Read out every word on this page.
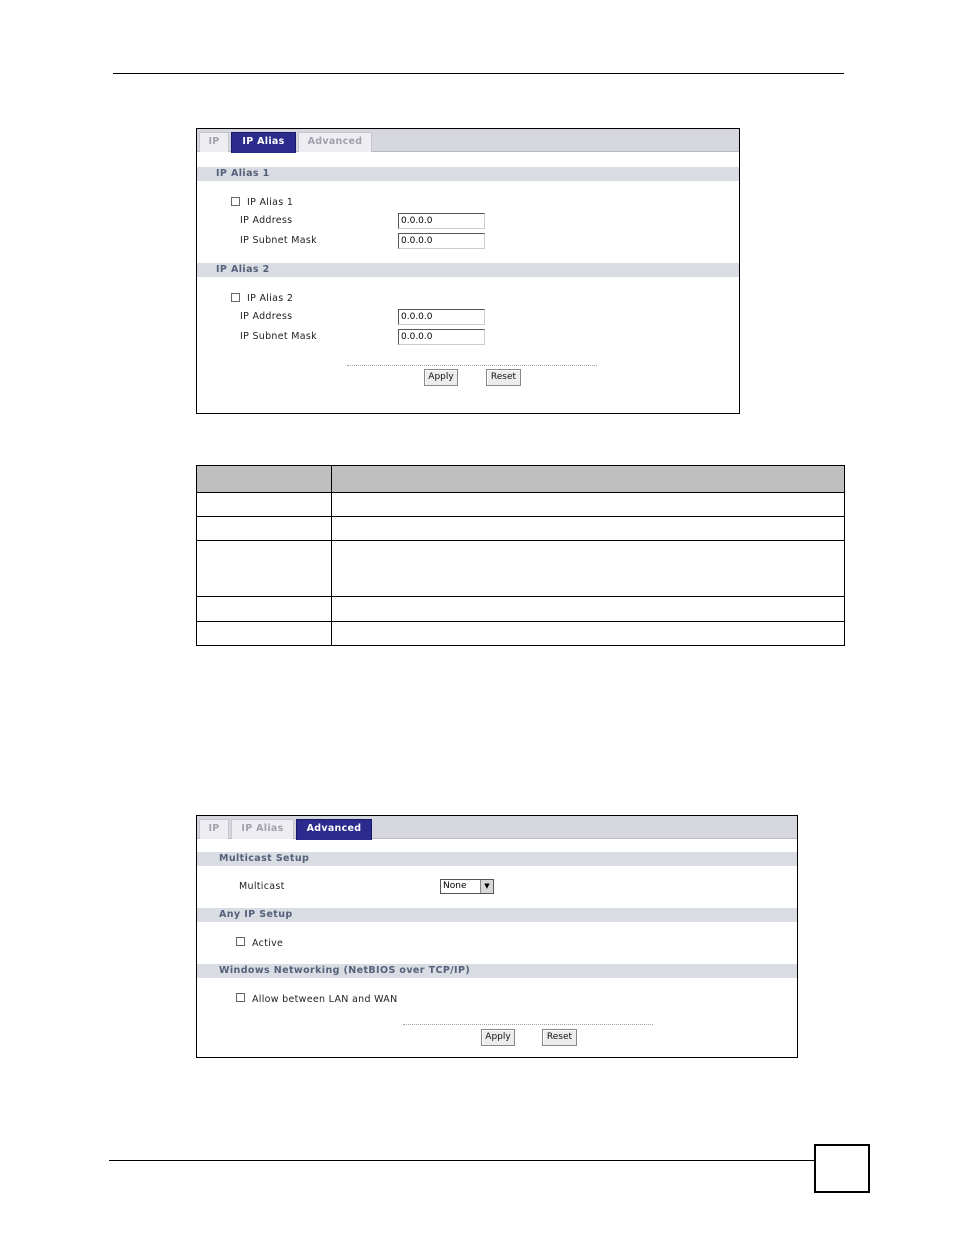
IP	IP Alias	Advanced
IP Alias 1
IP Alias 1
IP Address	0.0.0.0
IP Subnet Mask	0.0.0.0
IP Alias 2
IP Alias 2
IP Address	0.0.0.0
IP Subnet Mask	0.0.0.0
Apply	Reset

IP	IP Alias	Advanced
Multicast Setup
Multicast	None	▼
Any IP Setup
Active
Windows Networking (NetBIOS over TCP/IP)
Allow between LAN and WAN
Apply	Reset
